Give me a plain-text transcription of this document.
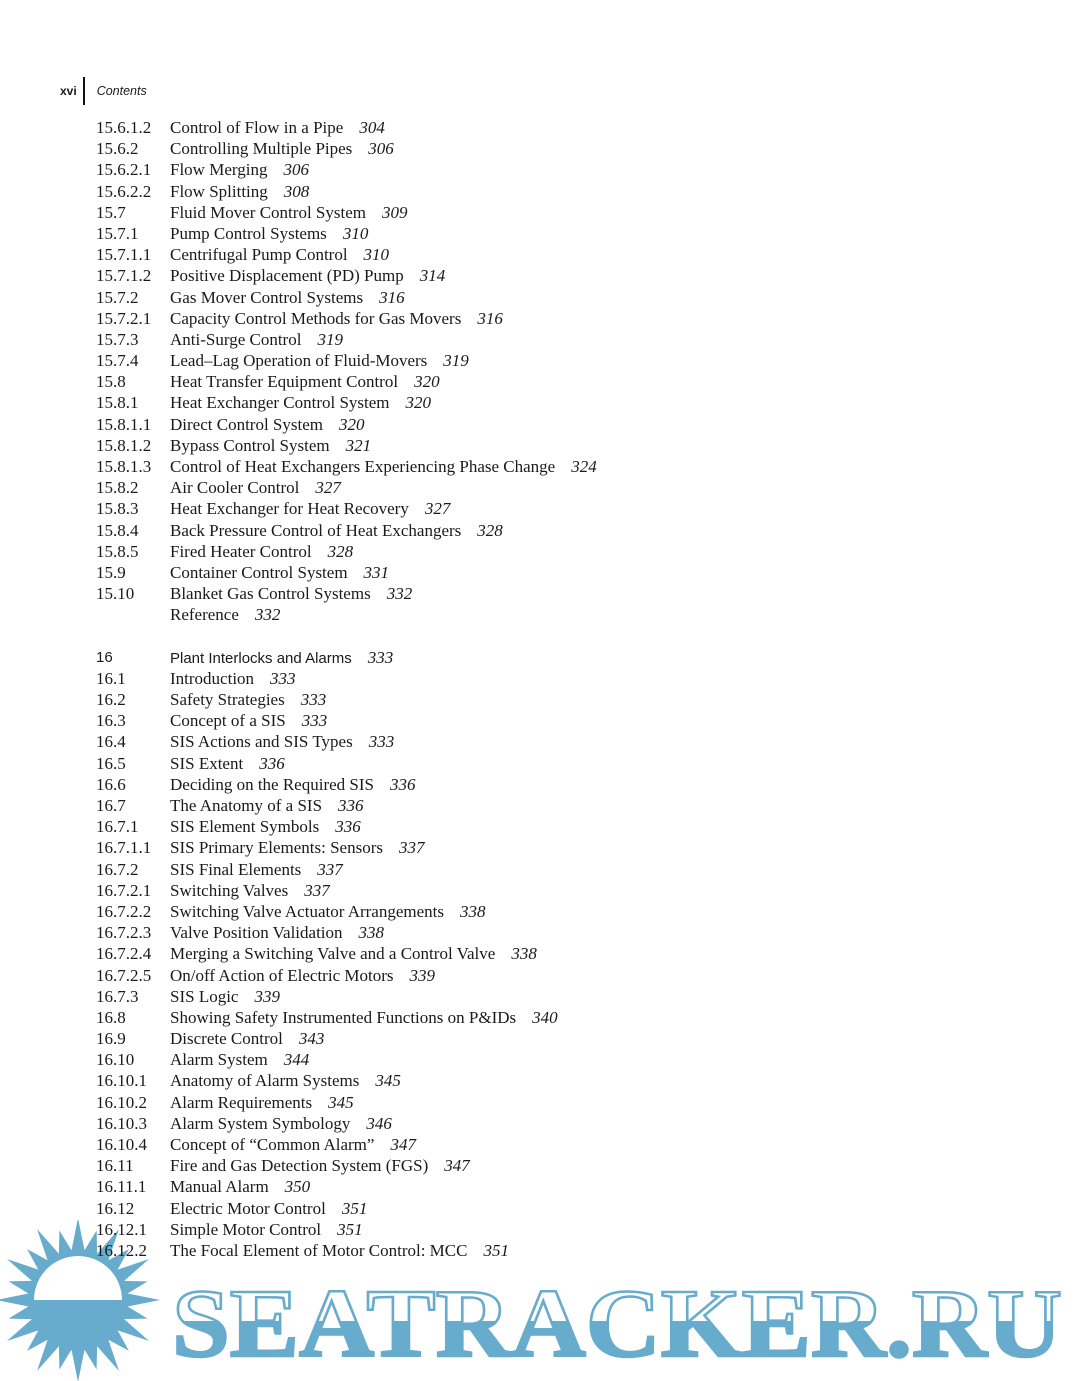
xvi Contents
15.6.1.2 Control of Flow in a Pipe 304
15.6.2 Controlling Multiple Pipes 306
15.6.2.1 Flow Merging 306
15.6.2.2 Flow Splitting 308
15.7	Fluid Mover Control System 309
15.7.1 Pump Control Systems 310
15.7.1.1 Centrifugal Pump Control 310
15.7.1.2 Positive Displacement (PD) Pump 314
15.7.2 Gas Mover Control Systems 316
15.7.2.1 Capacity Control Methods for Gas Movers 316
15.7.3 Anti-Surge Control 319
15.7.4 Lead–Lag Operation of Fluid-Movers 319
15.8	Heat Transfer Equipment Control 320
15.8.1 Heat Exchanger Control System 320
15.8.1.1 Direct Control System 320
15.8.1.2 Bypass Control System 321
15.8.1.3 Control of Heat Exchangers Experiencing Phase Change 324
15.8.2 Air Cooler Control 327
15.8.3 Heat Exchanger for Heat Recovery 327
15.8.4 Back Pressure Control of Heat Exchangers 328
15.8.5 Fired Heater Control 328
15.9	Container Control System 331
15.10 Blanket Gas Control Systems 332
Reference 332
16	Plant Interlocks and Alarms 333
16.1	Introduction 333
16.2	Safety Strategies 333
16.3	Concept of a SIS 333
16.4	SIS Actions and SIS Types 333
16.5	SIS Extent 336
16.6	Deciding on the Required SIS 336
16.7	The Anatomy of a SIS 336
16.7.1 SIS Element Symbols 336
16.7.1.1 SIS Primary Elements: Sensors 337
16.7.2 SIS Final Elements 337
16.7.2.1 Switching Valves 337
16.7.2.2 Switching Valve Actuator Arrangements 338
16.7.2.3 Valve Position Validation 338
16.7.2.4 Merging a Switching Valve and a Control Valve 338
16.7.2.5 On/off Action of Electric Motors 339
16.7.3 SIS Logic 339
16.8	Showing Safety Instrumented Functions on P&IDs 340
16.9	Discrete Control 343
16.10 Alarm System 344
16.10.1 Anatomy of Alarm Systems 345
16.10.2 Alarm Requirements 345
16.10.3 Alarm System Symbology 346
16.10.4 Concept of “Common Alarm” 347
16.11 Fire and Gas Detection System (FGS) 347
16.11.1 Manual Alarm 350
16.12 Electric Motor Control 351
16.12.1 Simple Motor Control 351
16.12.2 The Focal Element of Motor Control: MCC 351
SEATRACKER.RU
